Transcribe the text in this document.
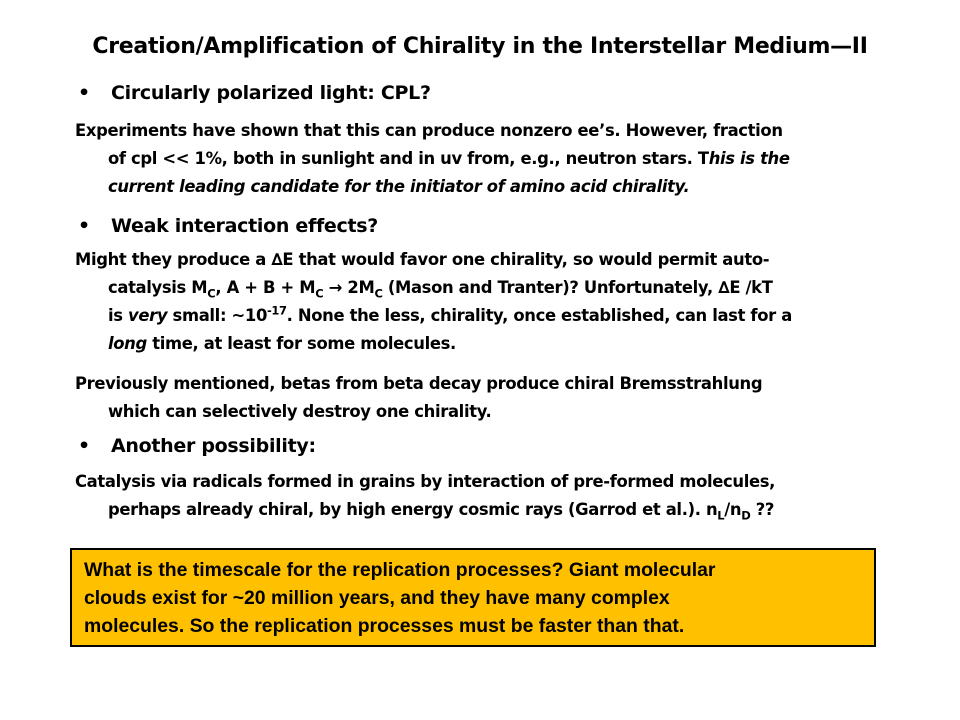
Creation/Amplification of Chirality in the Interstellar Medium—II
• Circularly polarized light: CPL?
Experiments have shown that this can produce nonzero ee’s. However, fraction
of cpl << 1%, both in sunlight and in uv from, e.g., neutron stars. This is the
current leading candidate for the initiator of amino acid chirality.
• Weak interaction effects?
Might they produce a ∆E that would favor one chirality, so would permit auto-
catalysis $M_C$, $A + B + M_C \to 2M_C$ (Mason and Tranter)? Unfortunately, ∆E /kT
is very small: $\sim 10^{-17}$. None the less, chirality, once established, can last for a
long time, at least for some molecules.
Previously mentioned, betas from beta decay produce chiral Bremsstrahlung
which can selectively destroy one chirality.
• Another possibility:
Catalysis via radicals formed in grains by interaction of pre-formed molecules,
perhaps already chiral, by high energy cosmic rays (Garrod et al.). $n_L/n_D$ ??
What is the timescale for the replication processes? Giant molecular
clouds exist for ~20 million years, and they have many complex
molecules. So the replication processes must be faster than that.
